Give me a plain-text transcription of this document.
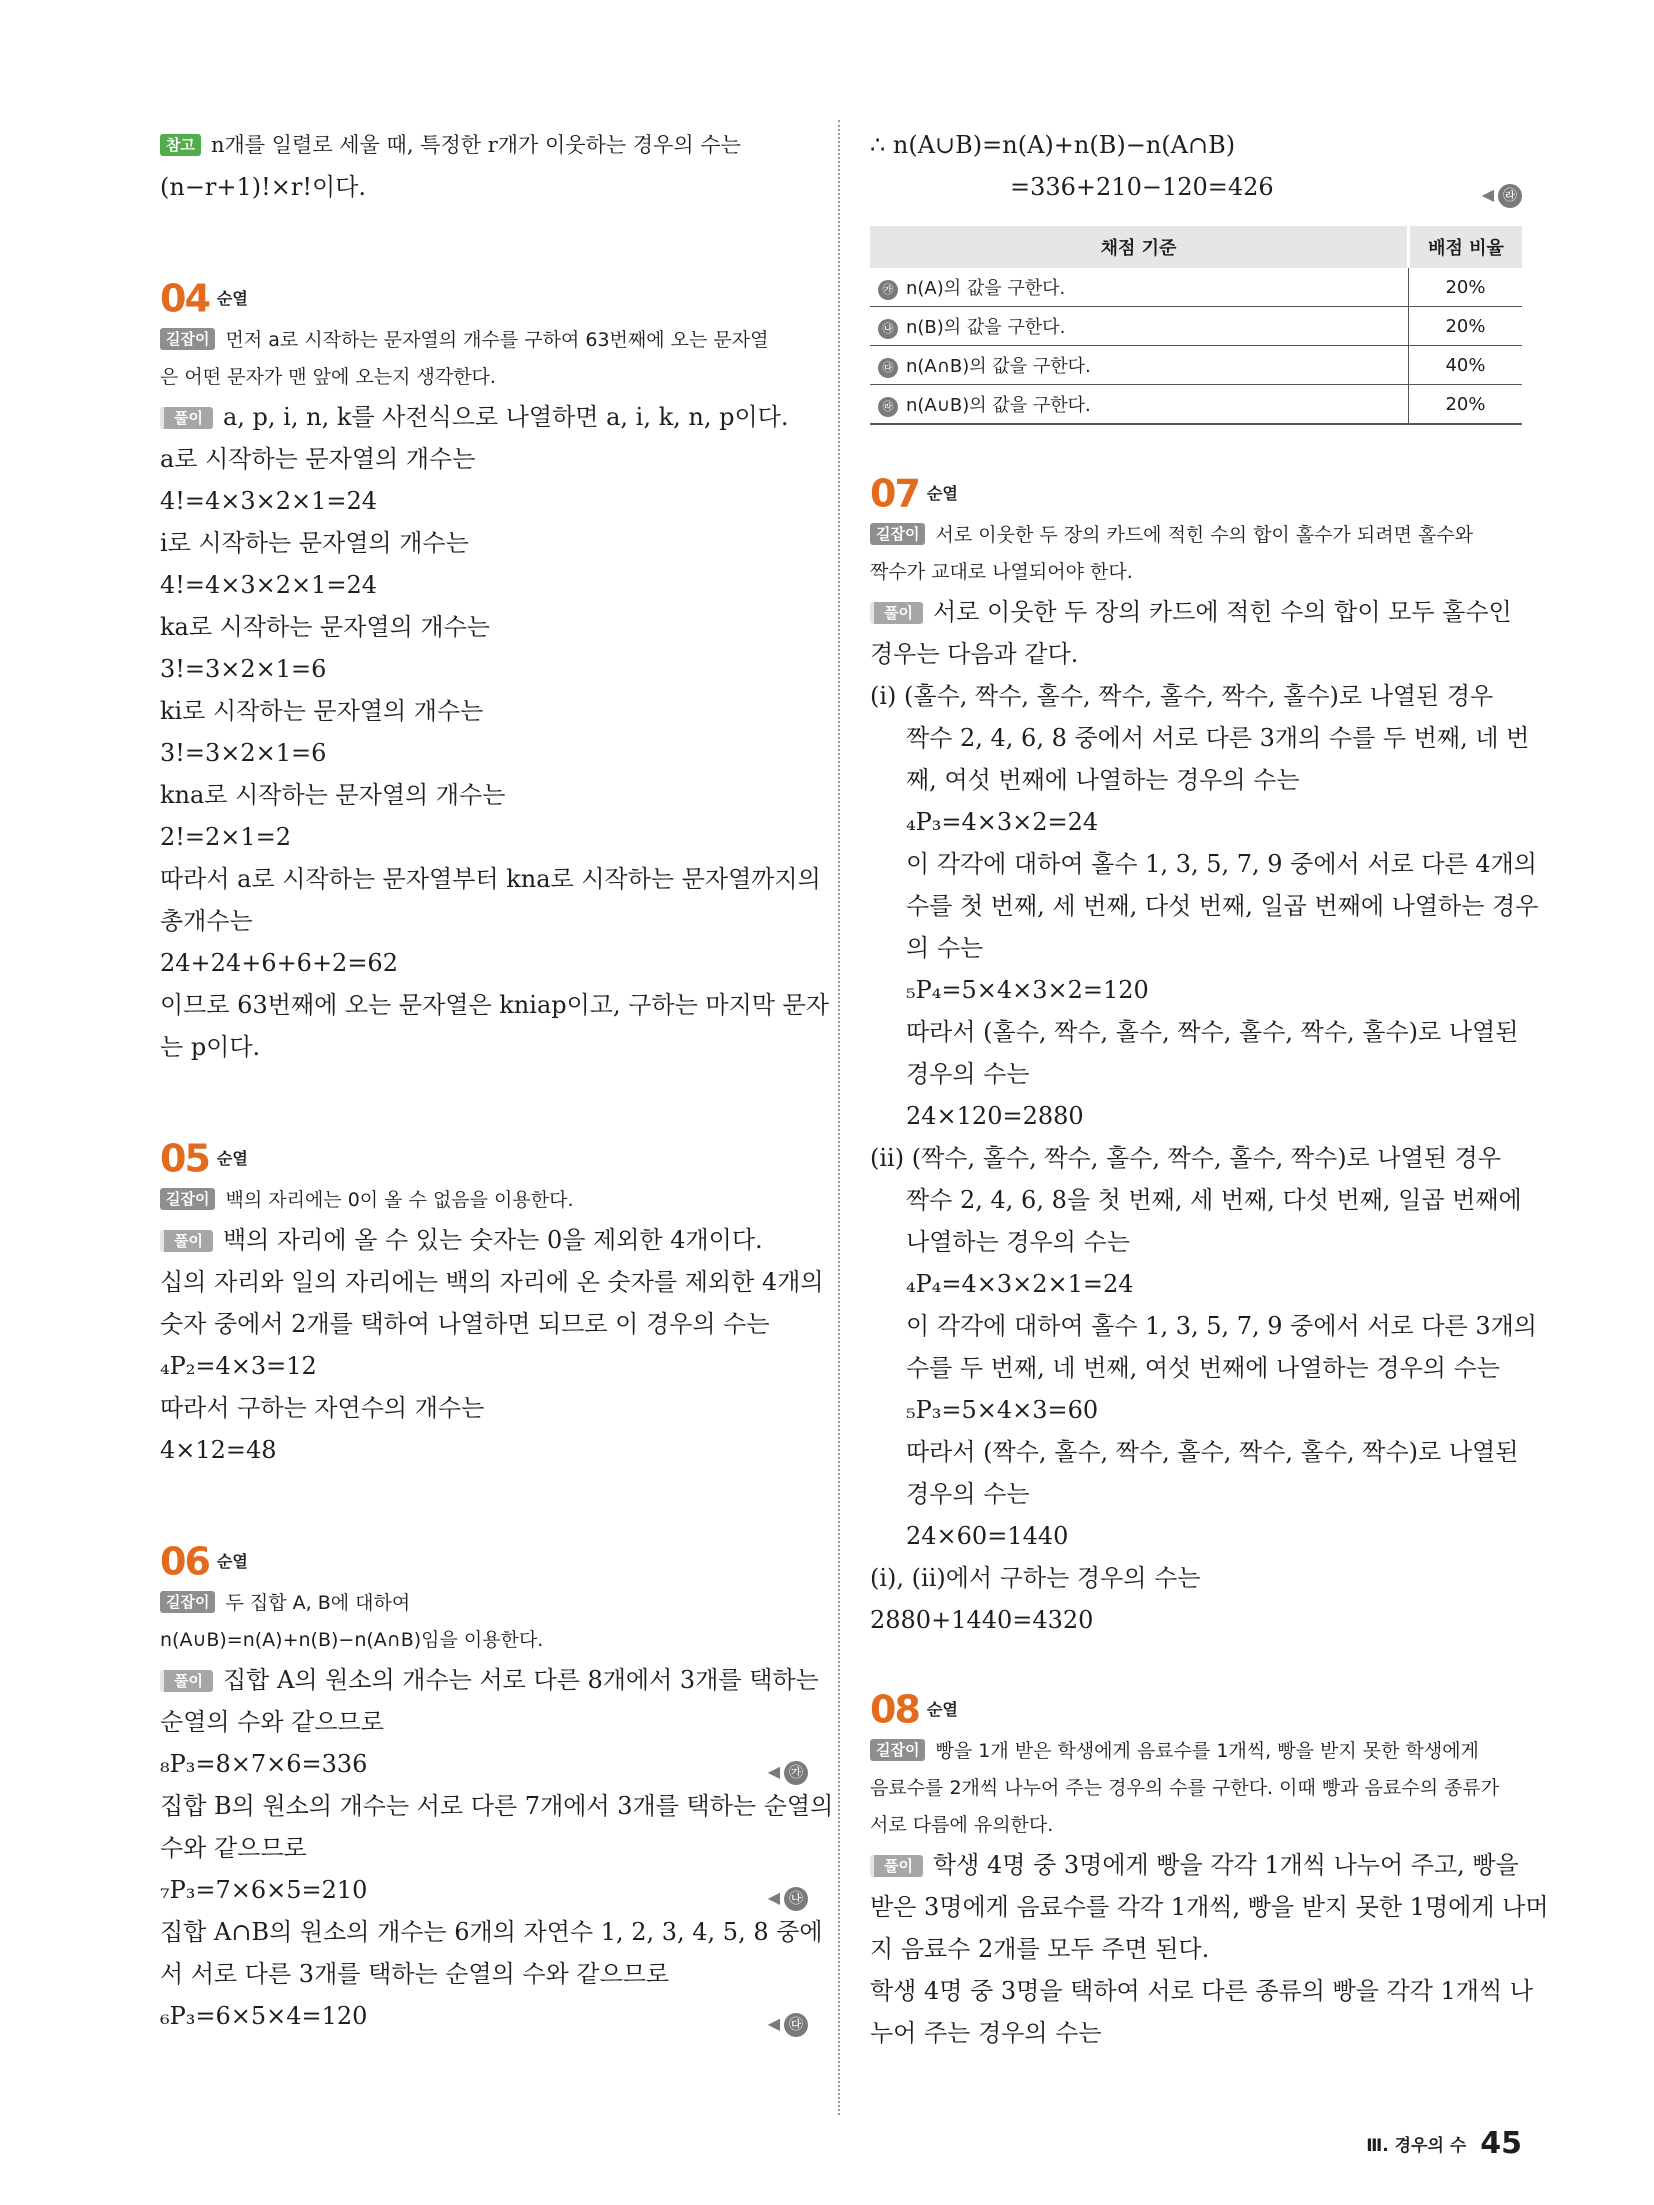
참고 n개를 일렬로 세울 때, 특정한 r개가 이웃하는 경우의 수는
(n−r+1)!×r!이다.
04 순열
길잡이 먼저 a로 시작하는 문자열의 개수를 구하여 63번째에 오는 문자열
은 어떤 문자가 맨 앞에 오는지 생각한다.
풀이 a, p, i, n, k를 사전식으로 나열하면 a, i, k, n, p이다.
a로 시작하는 문자열의 개수는
4!=4×3×2×1=24
i로 시작하는 문자열의 개수는
4!=4×3×2×1=24
ka로 시작하는 문자열의 개수는
3!=3×2×1=6
ki로 시작하는 문자열의 개수는
3!=3×2×1=6
kna로 시작하는 문자열의 개수는
2!=2×1=2
따라서 a로 시작하는 문자열부터 kna로 시작하는 문자열까지의
총개수는
24+24+6+6+2=62
이므로 63번째에 오는 문자열은 kniap이고, 구하는 마지막 문자
는 p이다.
05 순열
길잡이 백의 자리에는 0이 올 수 없음을 이용한다.
풀이 백의 자리에 올 수 있는 숫자는 0을 제외한 4개이다.
십의 자리와 일의 자리에는 백의 자리에 온 숫자를 제외한 4개의
숫자 중에서 2개를 택하여 나열하면 되므로 이 경우의 수는
₄P₂=4×3=12
따라서 구하는 자연수의 개수는
4×12=48
06 순열
길잡이 두 집합 A, B에 대하여
n(A∪B)=n(A)+n(B)−n(A∩B)임을 이용한다.
풀이 집합 A의 원소의 개수는 서로 다른 8개에서 3개를 택하는
순열의 수와 같으므로
₈P₃=8×7×6=336	◀ ㉮
집합 B의 원소의 개수는 서로 다른 7개에서 3개를 택하는 순열의
수와 같으므로
₇P₃=7×6×5=210	◀ ㉯
집합 A∩B의 원소의 개수는 6개의 자연수 1, 2, 3, 4, 5, 8 중에
서 서로 다른 3개를 택하는 순열의 수와 같으므로
₆P₃=6×5×4=120	◀ ㉰
∴ n(A∪B)=n(A)+n(B)−n(A∩B)
=336+210−120=426	◀ ㉱
채점 기준	배점 비율
㉮ n(A)의 값을 구한다.	20%
㉯ n(B)의 값을 구한다.	20%
㉰ n(A∩B)의 값을 구한다.	40%
㉱ n(A∪B)의 값을 구한다.	20%
07 순열
길잡이 서로 이웃한 두 장의 카드에 적힌 수의 합이 홀수가 되려면 홀수와
짝수가 교대로 나열되어야 한다.
풀이 서로 이웃한 두 장의 카드에 적힌 수의 합이 모두 홀수인
경우는 다음과 같다.
(i) (홀수, 짝수, 홀수, 짝수, 홀수, 짝수, 홀수)로 나열된 경우
짝수 2, 4, 6, 8 중에서 서로 다른 3개의 수를 두 번째, 네 번
째, 여섯 번째에 나열하는 경우의 수는
₄P₃=4×3×2=24
이 각각에 대하여 홀수 1, 3, 5, 7, 9 중에서 서로 다른 4개의
수를 첫 번째, 세 번째, 다섯 번째, 일곱 번째에 나열하는 경우
의 수는
₅P₄=5×4×3×2=120
따라서 (홀수, 짝수, 홀수, 짝수, 홀수, 짝수, 홀수)로 나열된
경우의 수는
24×120=2880
(ii) (짝수, 홀수, 짝수, 홀수, 짝수, 홀수, 짝수)로 나열된 경우
짝수 2, 4, 6, 8을 첫 번째, 세 번째, 다섯 번째, 일곱 번째에
나열하는 경우의 수는
₄P₄=4×3×2×1=24
이 각각에 대하여 홀수 1, 3, 5, 7, 9 중에서 서로 다른 3개의
수를 두 번째, 네 번째, 여섯 번째에 나열하는 경우의 수는
₅P₃=5×4×3=60
따라서 (짝수, 홀수, 짝수, 홀수, 짝수, 홀수, 짝수)로 나열된
경우의 수는
24×60=1440
(i), (ii)에서 구하는 경우의 수는
2880+1440=4320
08 순열
길잡이 빵을 1개 받은 학생에게 음료수를 1개씩, 빵을 받지 못한 학생에게
음료수를 2개씩 나누어 주는 경우의 수를 구한다. 이때 빵과 음료수의 종류가
서로 다름에 유의한다.
풀이 학생 4명 중 3명에게 빵을 각각 1개씩 나누어 주고, 빵을
받은 3명에게 음료수를 각각 1개씩, 빵을 받지 못한 1명에게 나머
지 음료수 2개를 모두 주면 된다.
학생 4명 중 3명을 택하여 서로 다른 종류의 빵을 각각 1개씩 나
누어 주는 경우의 수는
Ⅲ. 경우의 수 45
